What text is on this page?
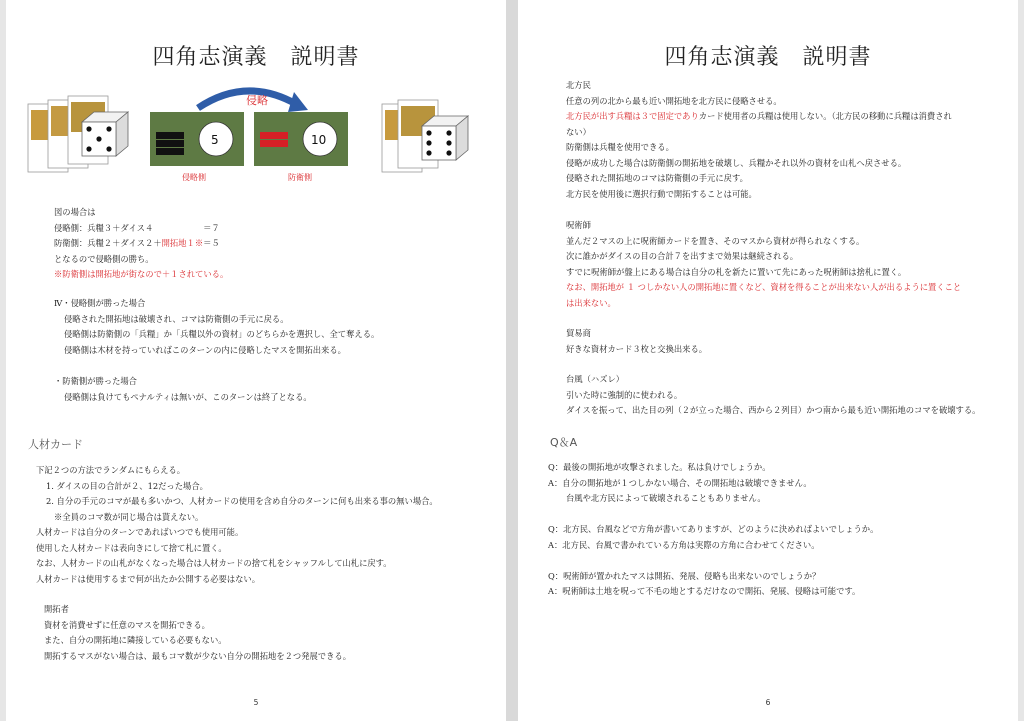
四角志演義　説明書
侵略
5	10
侵略側	防衛側
図の場合は
侵略側：兵糧３＋ダイス４　　　　　　＝７
防衛側：兵糧２＋ダイス２＋開拓地１※＝５
となるので侵略側の勝ち。
※防衛側は開拓地が街なので＋１されている。
Ⅳ・侵略側が勝った場合
侵略された開拓地は破壊され、コマは防衛側の手元に戻る。
侵略側は防衛側の「兵糧」か「兵糧以外の資材」のどちらかを選択し、全て奪える。
侵略側は木材を持っていればこのターンの内に侵略したマスを開拓出来る。
・防衛側が勝った場合
侵略側は負けてもペナルティは無いが、このターンは終了となる。
人材カード
下記２つの方法でランダムにもらえる。
1. ダイスの目の合計が２、12だった場合。
2. 自分の手元のコマが最も多いかつ、人材カードの使用を含め自分のターンに何も出来る事の無い場合。
※全員のコマ数が同じ場合は貰えない。
人材カードは自分のターンであればいつでも使用可能。
使用した人材カードは表向きにして捨て札に置く。
なお、人材カードの山札がなくなった場合は人材カードの捨て札をシャッフルして山札に戻す。
人材カードは使用するまで何が出たか公開する必要はない。
開拓者
資材を消費せずに任意のマスを開拓できる。
また、自分の開拓地に隣接している必要もない。
開拓するマスがない場合は、最もコマ数が少ない自分の開拓地を２つ発展できる。
5
四角志演義　説明書
北方民
任意の列の北から最も近い開拓地を北方民に侵略させる。
北方民が出す兵糧は３で固定でありカード使用者の兵糧は使用しない。（北方民の移動に兵糧は消費され
ない）
防衛側は兵糧を使用できる。
侵略が成功した場合は防衛側の開拓地を破壊し、兵糧かそれ以外の資材を山札へ戻させる。
侵略された開拓地のコマは防衛側の手元に戻す。
北方民を使用後に選択行動で開拓することは可能。
呪術師
並んだ２マスの上に呪術師カードを置き、そのマスから資材が得られなくする。
次に誰かがダイスの目の合計７を出すまで効果は継続される。
すでに呪術師が盤上にある場合は自分の札を新たに置いて先にあった呪術師は捨札に置く。
なお、開拓地が １ つしかない人の開拓地に置くなど、資材を得ることが出来ない人が出るように置くこと
は出来ない。
貿易商
好きな資材カード３枚と交換出来る。
台風（ハズレ）
引いた時に強制的に使われる。
ダイスを振って、出た目の列（２が立った場合、西から２列目）かつ南から最も近い開拓地のコマを破壊する。
Q＆A
Q：最後の開拓地が攻撃されました。私は負けでしょうか。
A：自分の開拓地が１つしかない場合、その開拓地は破壊できません。
台風や北方民によって破壊されることもありません。
Q：北方民、台風などで方角が書いてありますが、どのように決めればよいでしょうか。
A：北方民、台風で書かれている方角は実際の方角に合わせてください。
Q：呪術師が置かれたマスは開拓、発展、侵略も出来ないのでしょうか？
A：呪術師は土地を呪って不毛の地とするだけなので開拓、発展、侵略は可能です。
6
